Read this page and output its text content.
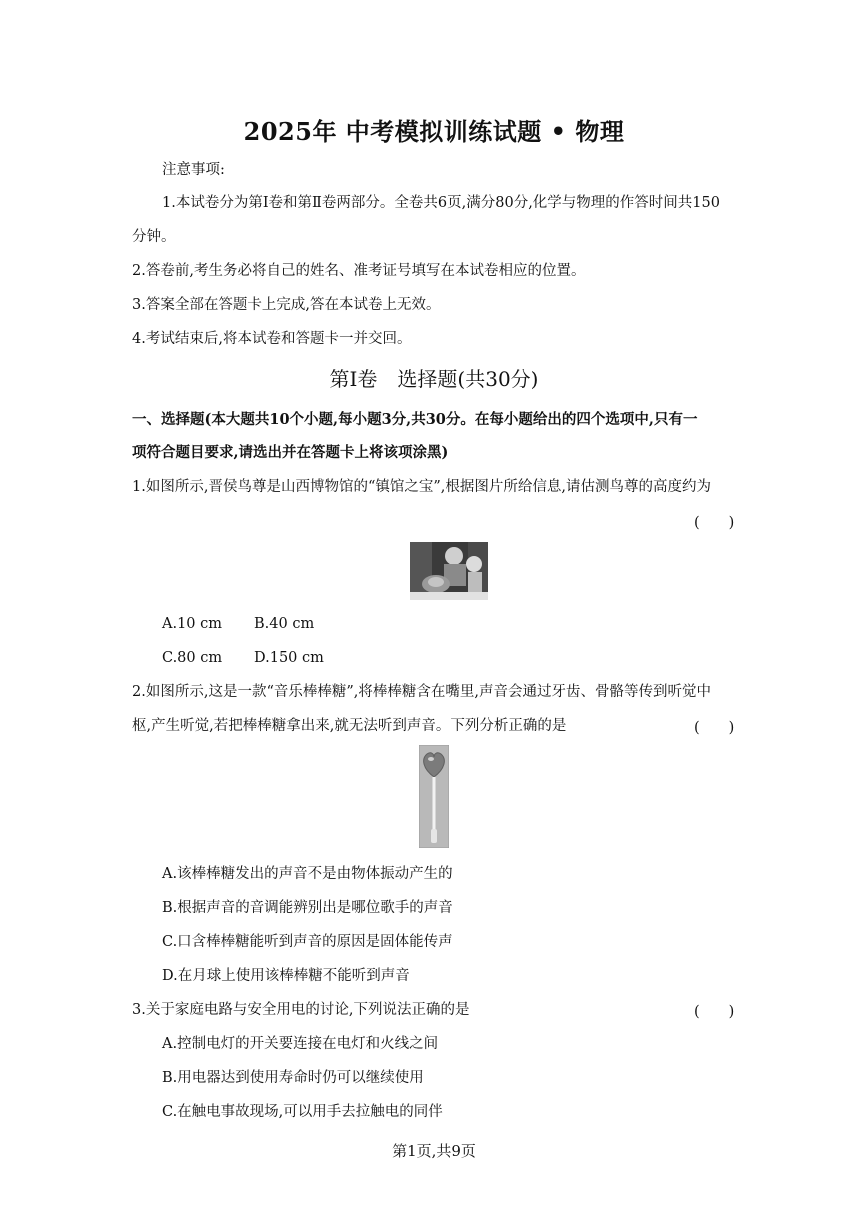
2025年 中考模拟训练试题 • 物理
注意事项:
1.本试卷分为第Ⅰ卷和第Ⅱ卷两部分。全卷共6页,满分80分,化学与物理的作答时间共150
分钟。
2.答卷前,考生务必将自己的姓名、准考证号填写在本试卷相应的位置。
3.答案全部在答题卡上完成,答在本试卷上无效。
4.考试结束后,将本试卷和答题卡一并交回。
第Ⅰ卷　选择题(共30分)
一、选择题(本大题共10个小题,每小题3分,共30分。在每小题给出的四个选项中,只有一
项符合题目要求,请选出并在答题卡上将该项涂黑)
1.如图所示,晋侯鸟尊是山西博物馆的“镇馆之宝”,根据图片所给信息,请估测鸟尊的高度约为
(　　)
A.10 cm B.40 cm
C.80 cm D.150 cm
2.如图所示,这是一款“音乐棒棒糖”,将棒棒糖含在嘴里,声音会通过牙齿、骨骼等传到听觉中
枢,产生听觉,若把棒棒糖拿出来,就无法听到声音。下列分析正确的是	(　　)
A.该棒棒糖发出的声音不是由物体振动产生的
B.根据声音的音调能辨别出是哪位歌手的声音
C.口含棒棒糖能听到声音的原因是固体能传声
D.在月球上使用该棒棒糖不能听到声音
3.关于家庭电路与安全用电的讨论,下列说法正确的是	(　　)
A.控制电灯的开关要连接在电灯和火线之间
B.用电器达到使用寿命时仍可以继续使用
C.在触电事故现场,可以用手去拉触电的同伴
第1页,共9页
